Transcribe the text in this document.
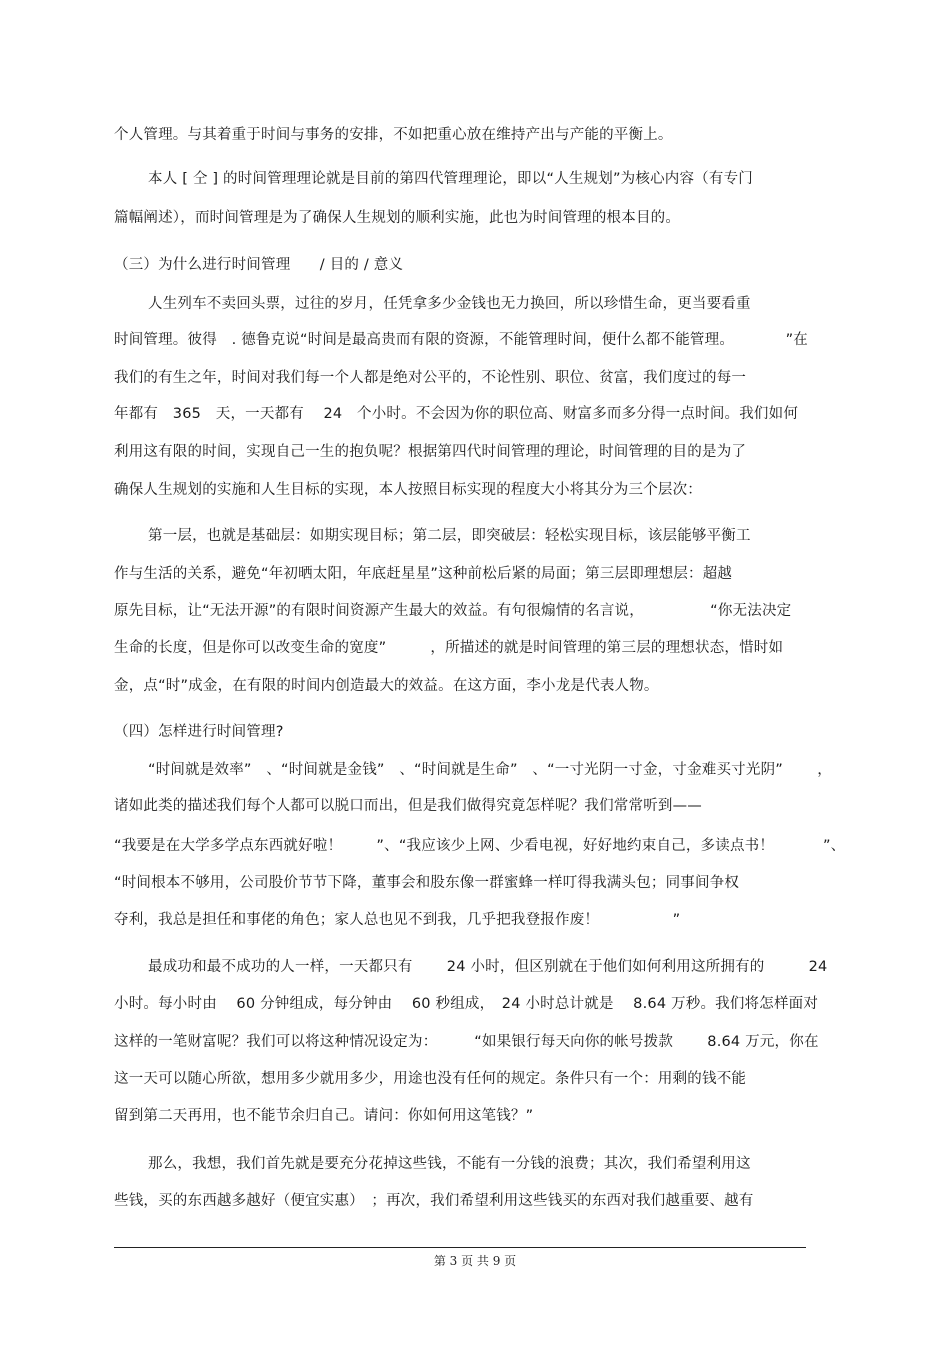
个人管理。与其着重于时间与事务的安排，不如把重心放在维持产出与产能的平衡上。

本人 [ 仝 ] 的时间管理理论就是目前的第四代管理理论，即以“人生规划”为核心内容（有专门

篇幅阐述），而时间管理是为了确保人生规划的顺利实施，此也为时间管理的根本目的。

（三）为什么进行时间管理　　/ 目的 / 意义

人生列车不卖回头票，过往的岁月，任凭拿多少金钱也无力换回，所以珍惜生命，更当要看重

时间管理。彼得　. 德鲁克说“时间是最高贵而有限的资源，不能管理时间，便什么都不能管理。　　　　”在

我们的有生之年，时间对我们每一个人都是绝对公平的，不论性别、职位、贫富，我们度过的每一

年都有　365　天，一天都有　 24　个小时。不会因为你的职位高、财富多而多分得一点时间。我们如何

利用这有限的时间，实现自己一生的抱负呢？根据第四代时间管理的理论，时间管理的目的是为了

确保人生规划的实施和人生目标的实现，本人按照目标实现的程度大小将其分为三个层次：

第一层，也就是基础层：如期实现目标；第二层，即突破层：轻松实现目标，该层能够平衡工

作与生活的关系，避免“年初晒太阳，年底赶星星”这种前松后紧的局面；第三层即理想层：超越

原先目标，让“无法开源”的有限时间资源产生最大的效益。有句很煽情的名言说，　　　　　“你无法决定

生命的长度，但是你可以改变生命的宽度”　　　，所描述的就是时间管理的第三层的理想状态，惜时如

金，点“时”成金，在有限的时间内创造最大的效益。在这方面，李小龙是代表人物。

（四）怎样进行时间管理?

“时间就是效率”　、“时间就是金钱”　、“时间就是生命”　、“一寸光阴一寸金，寸金难买寸光阴”　　 ，

诸如此类的描述我们每个人都可以脱口而出，但是我们做得究竟怎样呢？我们常常听到——

“我要是在大学多学点东西就好啦！　　 ”、“我应该少上网、少看电视，好好地约束自己，多读点书！　　　 ”、

“时间根本不够用，公司股价节节下降，董事会和股东像一群蜜蜂一样叮得我满头包；同事间争权

夺利，我总是担任和事佬的角色；家人总也见不到我，几乎把我登报作废！　　　　　”

最成功和最不成功的人一样，一天都只有　　 24 小时，但区别就在于他们如何利用这所拥有的　　　24

小时。每小时由　 60 分钟组成，每分钟由　 60 秒组成，　24 小时总计就是　 8.64 万秒。我们将怎样面对

这样的一笔财富呢？我们可以将这种情况设定为：　　　“如果银行每天向你的帐号拨款　　 8.64 万元，你在

这一天可以随心所欲，想用多少就用多少，用途也没有任何的规定。条件只有一个：用剩的钱不能

留到第二天再用，也不能节余归自己。请问：你如何用这笔钱？”

那么，我想，我们首先就是要充分花掉这些钱，不能有一分钱的浪费；其次，我们希望利用这

些钱，买的东西越多越好（便宜实惠）　；再次，我们希望利用这些钱买的东西对我们越重要、越有

第 3 页 共 9 页
